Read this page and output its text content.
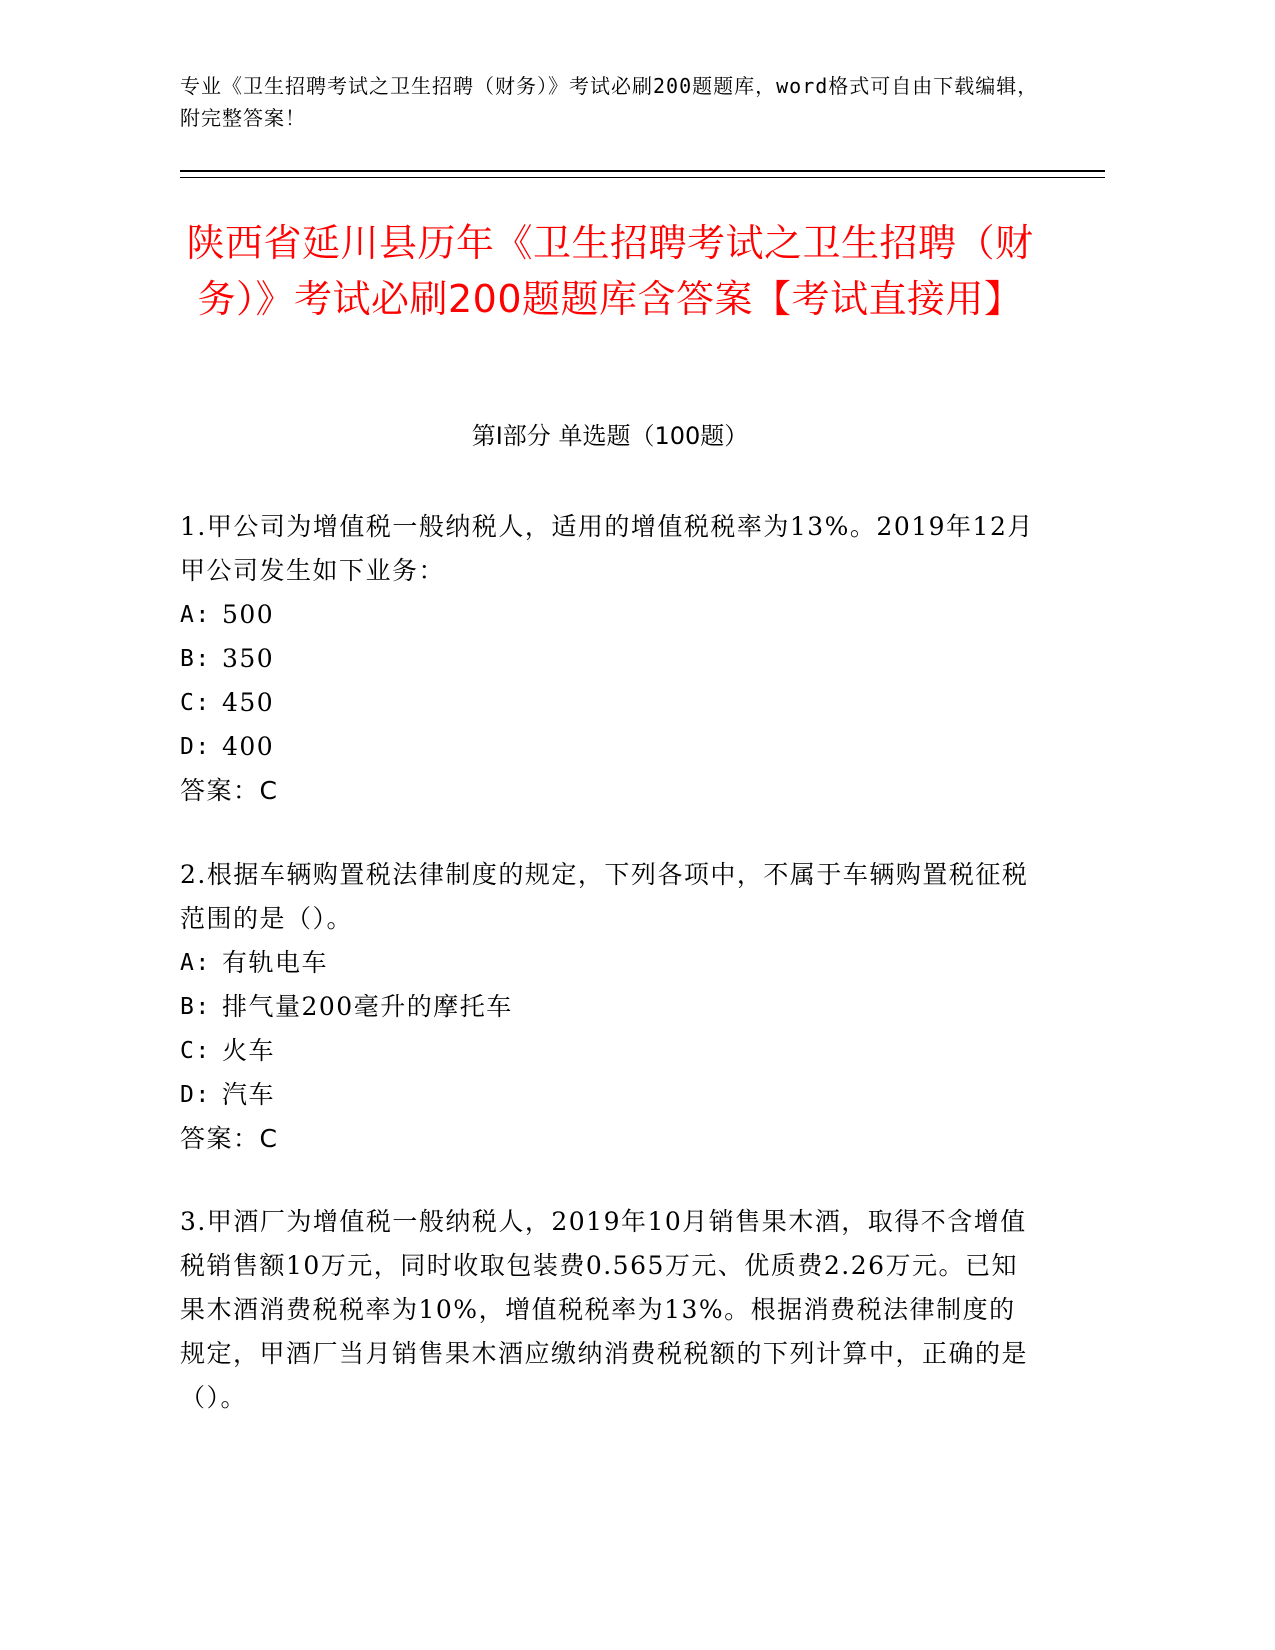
专业《卫生招聘考试之卫生招聘（财务）》考试必刷200题题库，word格式可自由下载编辑，附完整答案！
陕西省延川县历年《卫生招聘考试之卫生招聘（财务）》考试必刷200题题库含答案【考试直接用】
第I部分 单选题（100题）
1.甲公司为增值税一般纳税人，适用的增值税税率为13%。2019年12月甲公司发生如下业务：
A: 500
B: 350
C: 450
D: 400
答案：C
2.根据车辆购置税法律制度的规定，下列各项中，不属于车辆购置税征税范围的是（）。
A: 有轨电车
B: 排气量200毫升的摩托车
C: 火车
D: 汽车
答案：C
3.甲酒厂为增值税一般纳税人，2019年10月销售果木酒，取得不含增值税销售额10万元，同时收取包装费0.565万元、优质费2.26万元。已知果木酒消费税税率为10%，增值税税率为13%。根据消费税法律制度的规定，甲酒厂当月销售果木酒应缴纳消费税税额的下列计算中，正确的是（）。
